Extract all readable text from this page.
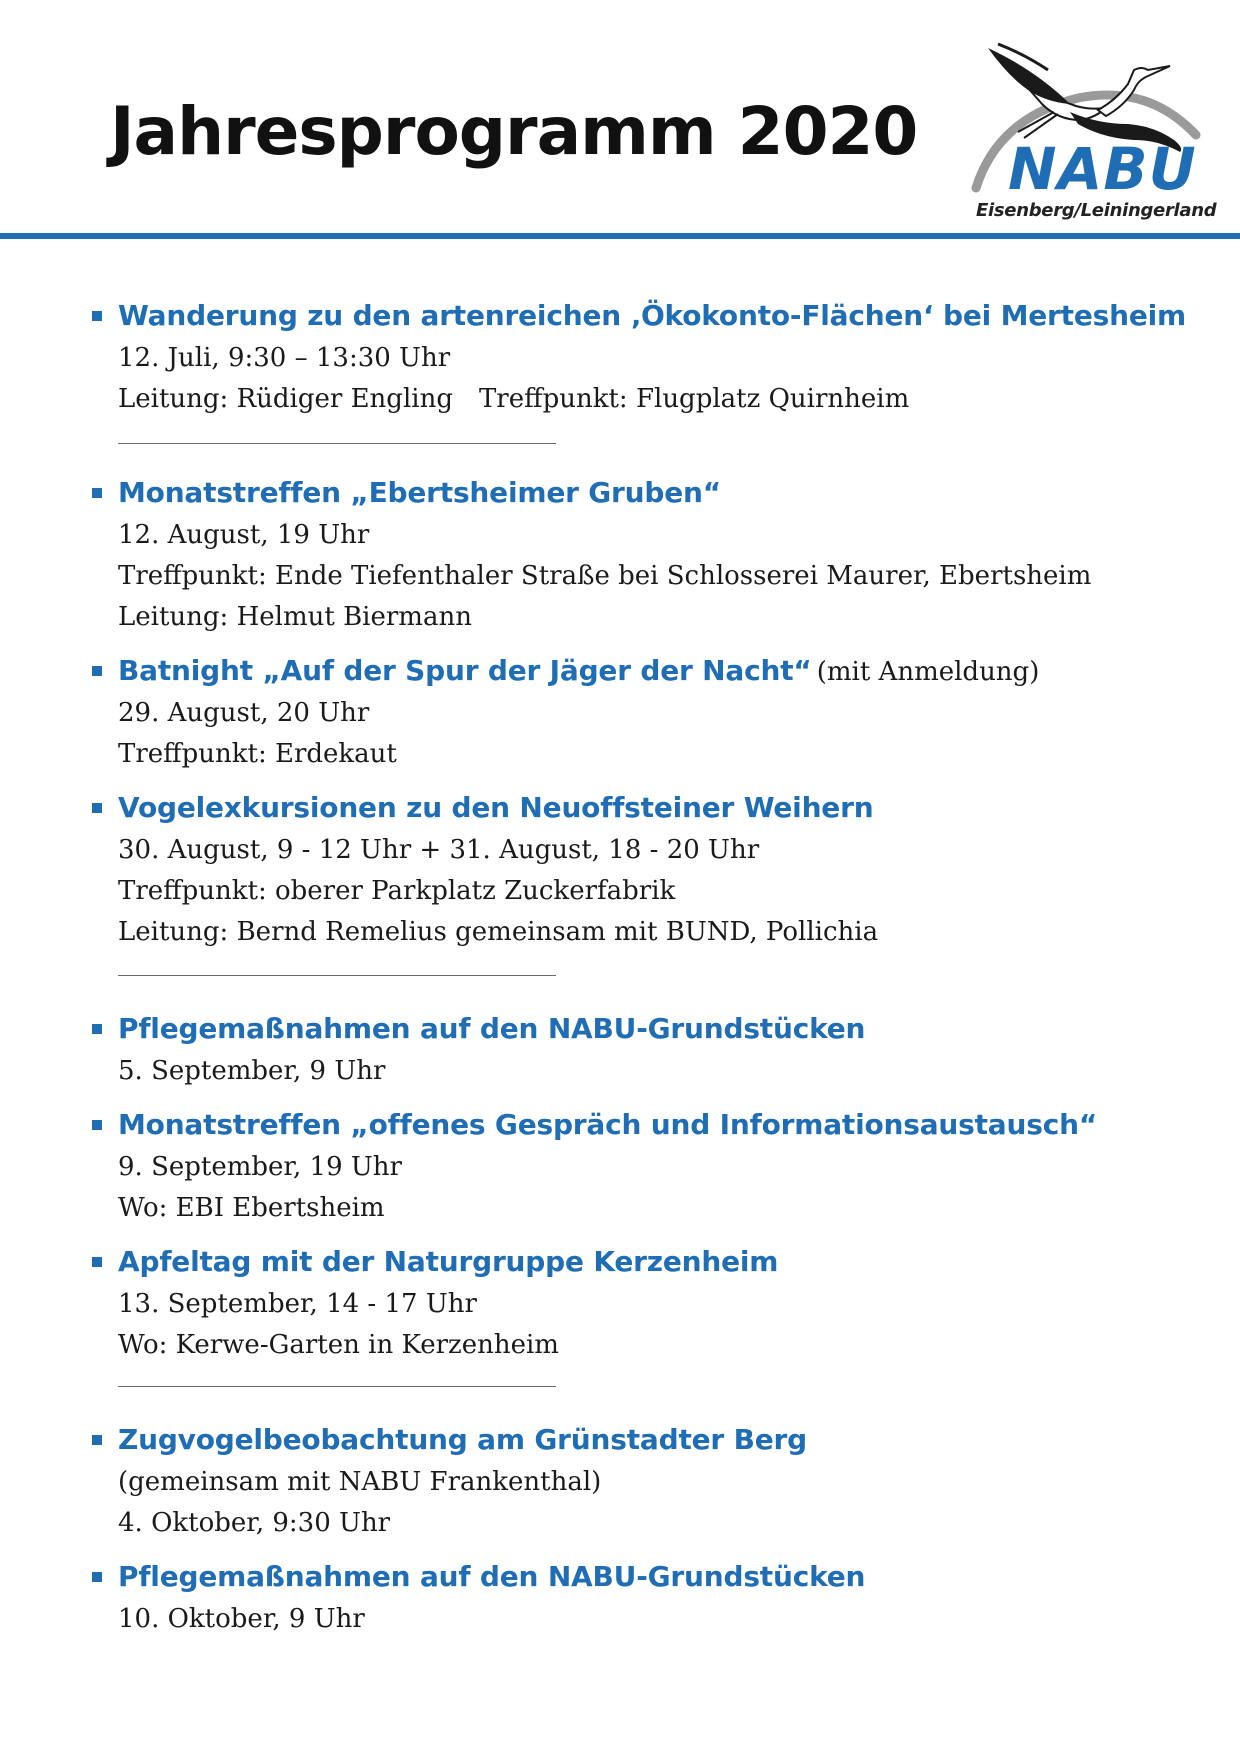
Jahresprogramm 2020 NABU
Eisenberg/Leiningerland
Wanderung zu den artenreichen ‚Ökokonto-Flächen‘ bei Mertesheim
12. Juli, 9:30 – 13:30 Uhr
Leitung: Rüdiger Engling Treffpunkt: Flugplatz Quirnheim
Monatstreffen „Ebertsheimer Gruben“
12. August, 19 Uhr
Treffpunkt: Ende Tiefenthaler Straße bei Schlosserei Maurer, Ebertsheim
Leitung: Helmut Biermann
Batnight „Auf der Spur der Jäger der Nacht“ (mit Anmeldung)
29. August, 20 Uhr
Treffpunkt: Erdekaut
Vogelexkursionen zu den Neuoffsteiner Weihern
30. August, 9 - 12 Uhr + 31. August, 18 - 20 Uhr
Treffpunkt: oberer Parkplatz Zuckerfabrik
Leitung: Bernd Remelius gemeinsam mit BUND, Pollichia
Pflegemaßnahmen auf den NABU-Grundstücken
5. September, 9 Uhr
Monatstreffen „offenes Gespräch und Informationsaustausch“
9. September, 19 Uhr
Wo: EBI Ebertsheim
Apfeltag mit der Naturgruppe Kerzenheim
13. September, 14 - 17 Uhr
Wo: Kerwe-Garten in Kerzenheim
Zugvogelbeobachtung am Grünstadter Berg
(gemeinsam mit NABU Frankenthal)
4. Oktober, 9:30 Uhr
Pflegemaßnahmen auf den NABU-Grundstücken
10. Oktober, 9 Uhr
